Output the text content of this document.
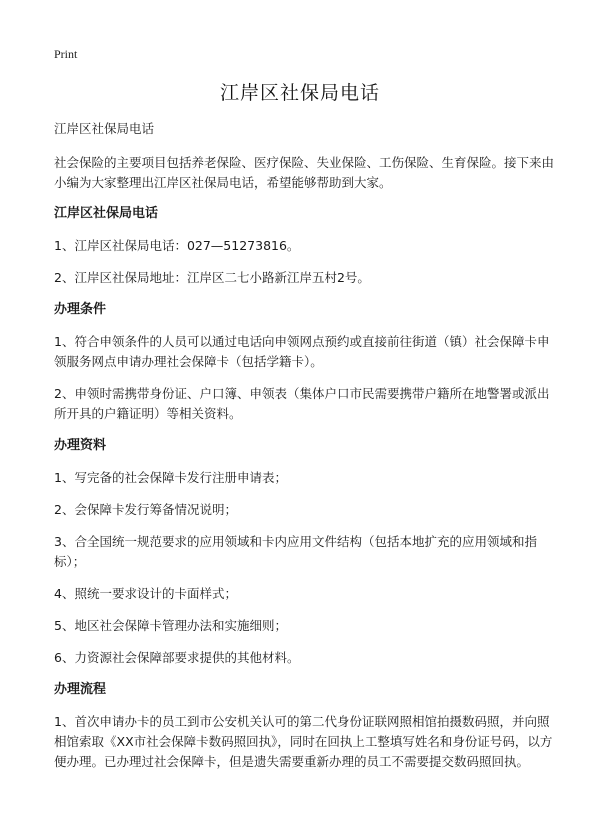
Print
江岸区社保局电话

江岸区社保局电话

社会保险的主要项目包括养老保险、医疗保险、失业保险、工伤保险、生育保险。接下来由小编为大家整理出江岸区社保局电话，希望能够帮助到大家。

江岸区社保局电话

1、江岸区社保局电话：027—51273816。

2、江岸区社保局地址：江岸区二七小路新江岸五村2号。

办理条件

1、符合申领条件的人员可以通过电话向申领网点预约或直接前往街道（镇）社会保障卡申领服务网点申请办理社会保障卡（包括学籍卡）。

2、申领时需携带身份证、户口簿、申领表（集体户口市民需要携带户籍所在地警署或派出所开具的户籍证明）等相关资料。

办理资料

1、写完备的社会保障卡发行注册申请表；

2、会保障卡发行筹备情况说明；

3、合全国统一规范要求的应用领域和卡内应用文件结构（包括本地扩充的应用领域和指标）；

4、照统一要求设计的卡面样式；

5、地区社会保障卡管理办法和实施细则；

6、力资源社会保障部要求提供的其他材料。

办理流程

1、首次申请办卡的员工到市公安机关认可的第二代身份证联网照相馆拍摄数码照，并向照相馆索取《XX市社会保障卡数码照回执》，同时在回执上工整填写姓名和身份证号码，以方便办理。已办理过社会保障卡，但是遗失需要重新办理的员工不需要提交数码照回执。
